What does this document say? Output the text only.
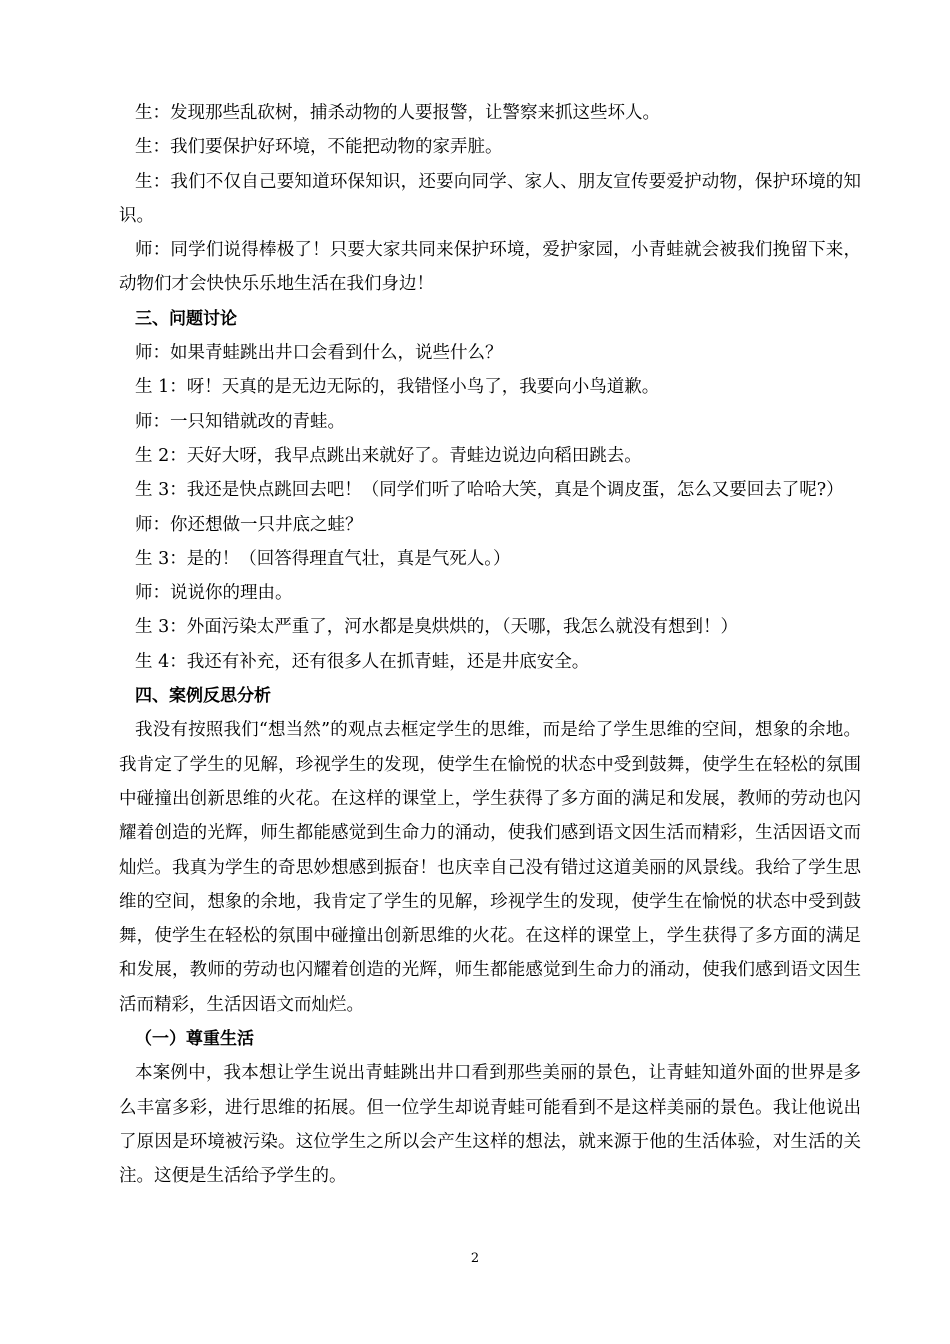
生：发现那些乱砍树，捕杀动物的人要报警，让警察来抓这些坏人。

生：我们要保护好环境，不能把动物的家弄脏。

生：我们不仅自己要知道环保知识，还要向同学、家人、朋友宣传要爱护动物，保护环境的知识。

师：同学们说得棒极了！只要大家共同来保护环境，爱护家园，小青蛙就会被我们挽留下来，动物们才会快快乐乐地生活在我们身边！

三、问题讨论

师：如果青蛙跳出井口会看到什么，说些什么？

生 1：呀！天真的是无边无际的，我错怪小鸟了，我要向小鸟道歉。

师：一只知错就改的青蛙。

生 2：天好大呀，我早点跳出来就好了。青蛙边说边向稻田跳去。

生 3：我还是快点跳回去吧！（同学们听了哈哈大笑，真是个调皮蛋，怎么又要回去了呢?）

师：你还想做一只井底之蛙？

生 3：是的！（回答得理直气壮，真是气死人。）

师：说说你的理由。

生 3：外面污染太严重了，河水都是臭烘烘的，（天哪，我怎么就没有想到！）

生 4：我还有补充，还有很多人在抓青蛙，还是井底安全。

四、案例反思分析

我没有按照我们“想当然”的观点去框定学生的思维，而是给了学生思维的空间，想象的余地。我肯定了学生的见解，珍视学生的发现，使学生在愉悦的状态中受到鼓舞，使学生在轻松的氛围中碰撞出创新思维的火花。在这样的课堂上，学生获得了多方面的满足和发展，教师的劳动也闪耀着创造的光辉，师生都能感觉到生命力的涌动，使我们感到语文因生活而精彩，生活因语文而灿烂。我真为学生的奇思妙想感到振奋！也庆幸自己没有错过这道美丽的风景线。我给了学生思维的空间，想象的余地，我肯定了学生的见解，珍视学生的发现，使学生在愉悦的状态中受到鼓舞，使学生在轻松的氛围中碰撞出创新思维的火花。在这样的课堂上，学生获得了多方面的满足和发展，教师的劳动也闪耀着创造的光辉，师生都能感觉到生命力的涌动，使我们感到语文因生活而精彩，生活因语文而灿烂。

（一）尊重生活

本案例中，我本想让学生说出青蛙跳出井口看到那些美丽的景色，让青蛙知道外面的世界是多么丰富多彩，进行思维的拓展。但一位学生却说青蛙可能看到不是这样美丽的景色。我让他说出了原因是环境被污染。这位学生之所以会产生这样的想法，就来源于他的生活体验，对生活的关注。这便是生活给予学生的。

2
